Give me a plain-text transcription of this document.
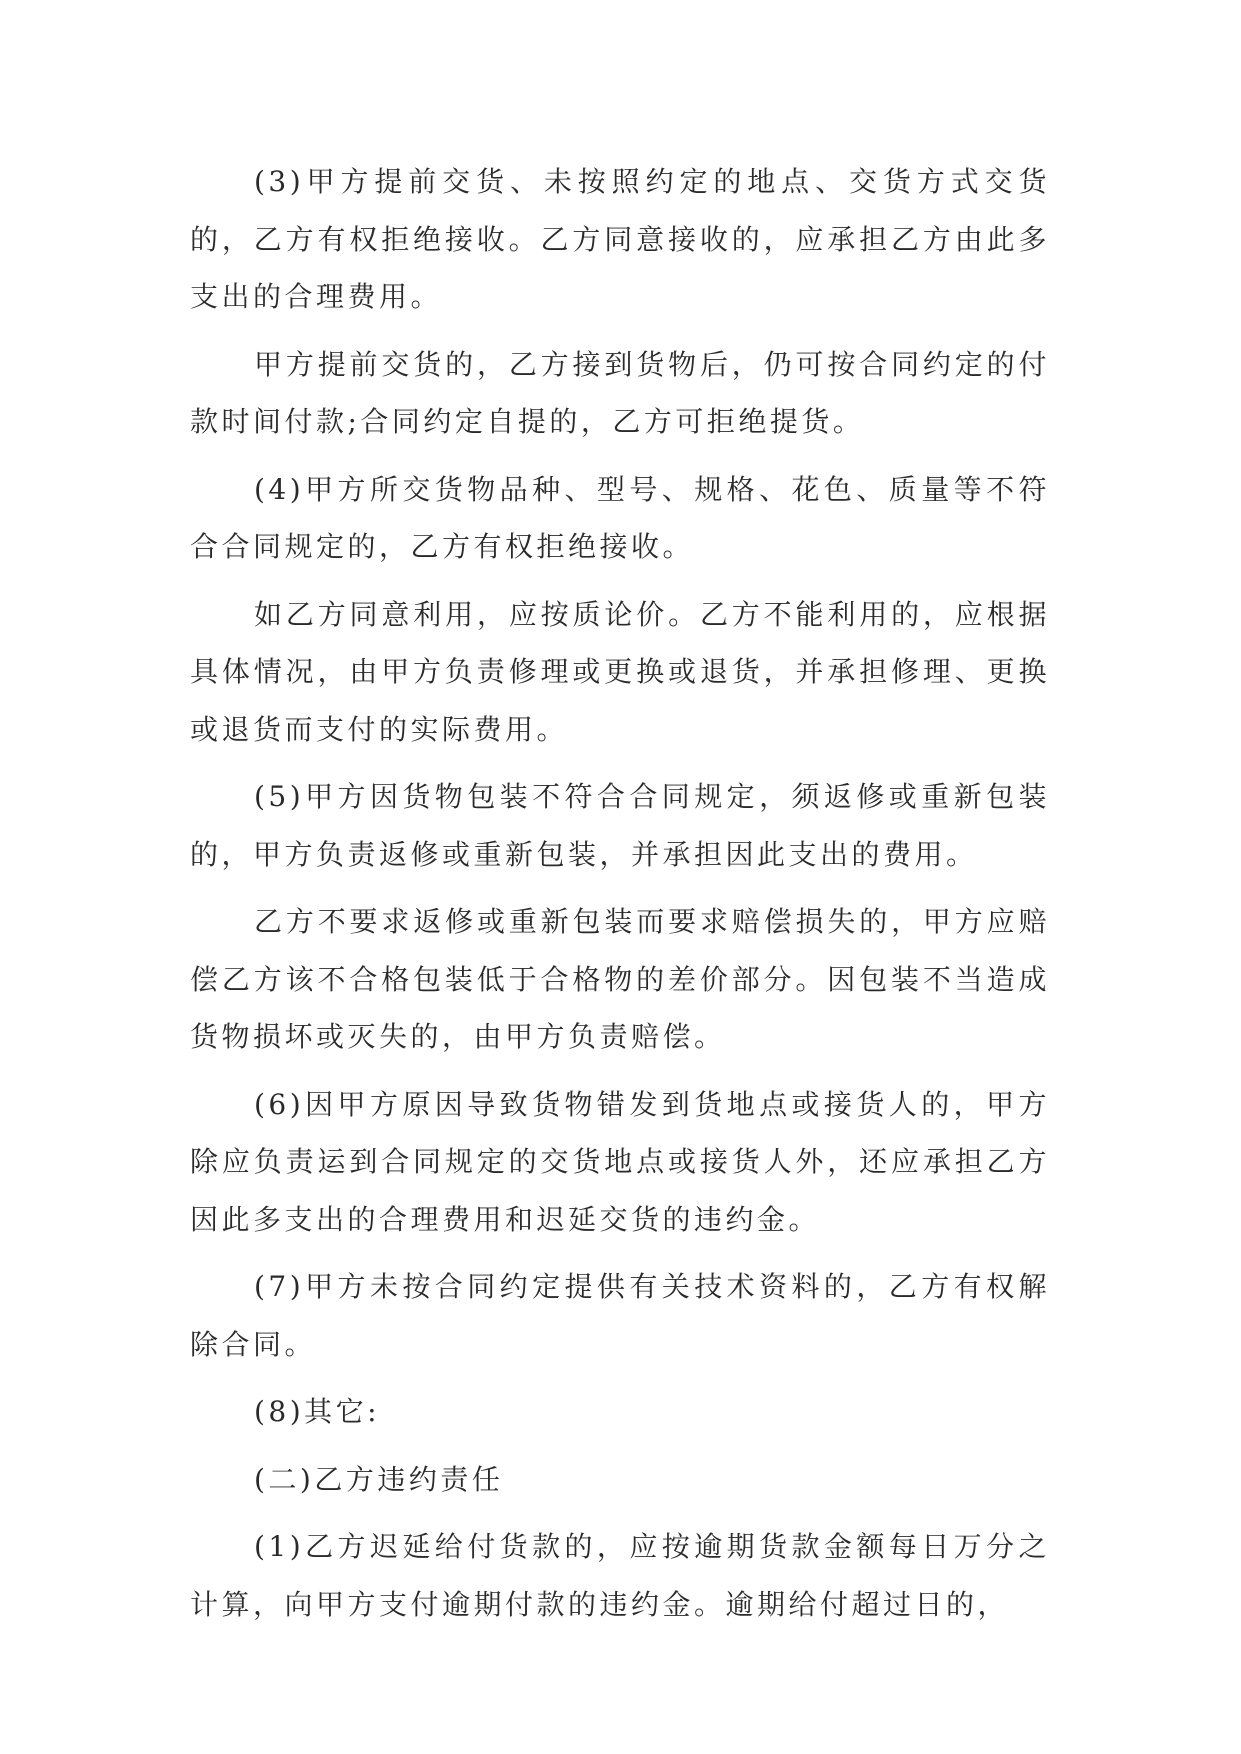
(3)甲方提前交货、未按照约定的地点、交货方式交货的，乙方有权拒绝接收。乙方同意接收的，应承担乙方由此多支出的合理费用。

甲方提前交货的，乙方接到货物后，仍可按合同约定的付款时间付款;合同约定自提的，乙方可拒绝提货。

(4)甲方所交货物品种、型号、规格、花色、质量等不符合合同规定的，乙方有权拒绝接收。

如乙方同意利用，应按质论价。乙方不能利用的，应根据具体情况，由甲方负责修理或更换或退货，并承担修理、更换或退货而支付的实际费用。

(5)甲方因货物包装不符合合同规定，须返修或重新包装的，甲方负责返修或重新包装，并承担因此支出的费用。

乙方不要求返修或重新包装而要求赔偿损失的，甲方应赔偿乙方该不合格包装低于合格物的差价部分。因包装不当造成货物损坏或灭失的，由甲方负责赔偿。

(6)因甲方原因导致货物错发到货地点或接货人的，甲方除应负责运到合同规定的交货地点或接货人外，还应承担乙方因此多支出的合理费用和迟延交货的违约金。

(7)甲方未按合同约定提供有关技术资料的，乙方有权解除合同。

(8)其它:

(二)乙方违约责任

(1)乙方迟延给付货款的，应按逾期货款金额每日万分之计算，向甲方支付逾期付款的违约金。逾期给付超过日的，
